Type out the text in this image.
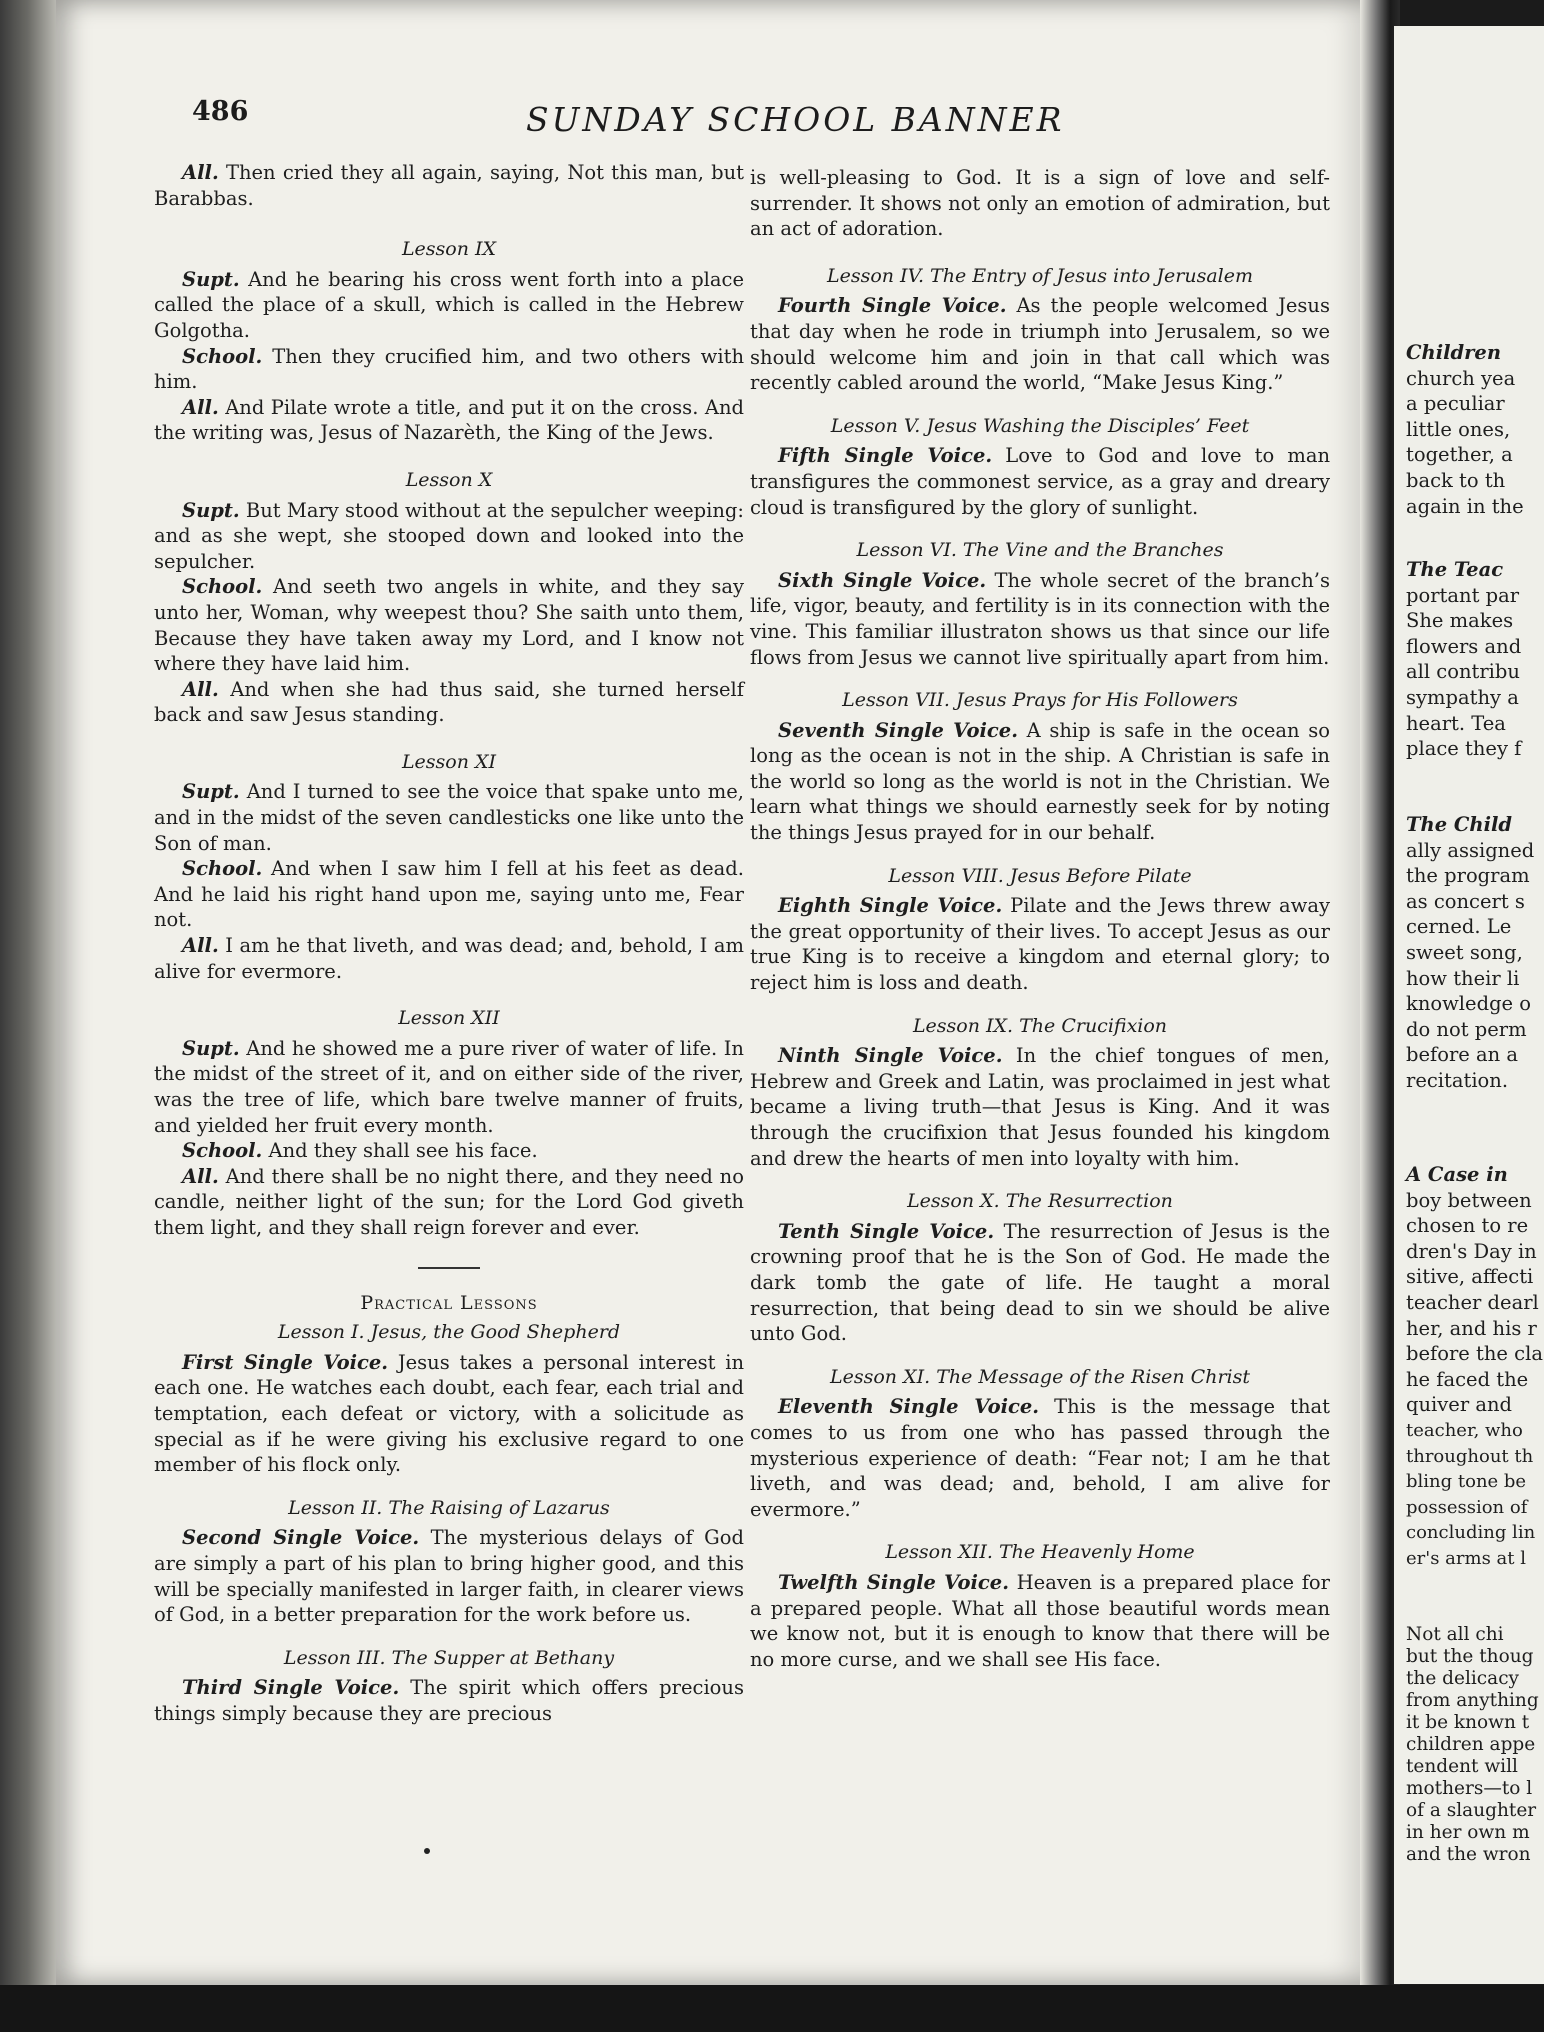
486	SUNDAY SCHOOL BANNER

All. Then cried they all again, saying, Not this man, but Barabbas.

Lesson IX

Supt. And he bearing his cross went forth into a place called the place of a skull, which is called in the Hebrew Golgotha.

School. Then they crucified him, and two others with him.

All. And Pilate wrote a title, and put it on the cross. And the writing was, Jesus of Nazarèth, the King of the Jews.

Lesson X

Supt. But Mary stood without at the sepulcher weeping: and as she wept, she stooped down and looked into the sepulcher.

School. And seeth two angels in white, and they say unto her, Woman, why weepest thou? She saith unto them, Because they have taken away my Lord, and I know not where they have laid him.

All. And when she had thus said, she turned herself back and saw Jesus standing.

Lesson XI

Supt. And I turned to see the voice that spake unto me, and in the midst of the seven candlesticks one like unto the Son of man.

School. And when I saw him I fell at his feet as dead. And he laid his right hand upon me, saying unto me, Fear not.

All. I am he that liveth, and was dead; and, behold, I am alive for evermore.

Lesson XII

Supt. And he showed me a pure river of water of life. In the midst of the street of it, and on either side of the river, was the tree of life, which bare twelve manner of fruits, and yielded her fruit every month.

School. And they shall see his face.

All. And there shall be no night there, and they need no candle, neither light of the sun; for the Lord God giveth them light, and they shall reign forever and ever.

Practical Lessons
Lesson I. Jesus, the Good Shepherd

First Single Voice. Jesus takes a personal interest in each one. He watches each doubt, each fear, each trial and temptation, each defeat or victory, with a solicitude as special as if he were giving his exclusive regard to one member of his flock only.

Lesson II. The Raising of Lazarus

Second Single Voice. The mysterious delays of God are simply a part of his plan to bring higher good, and this will be specially manifested in larger faith, in clearer views of God, in a better preparation for the work before us.

Lesson III. The Supper at Bethany

Third Single Voice. The spirit which offers precious things simply because they are precious

is well-pleasing to God. It is a sign of love and self-surrender. It shows not only an emotion of admiration, but an act of adoration.

Lesson IV. The Entry of Jesus into Jerusalem

Fourth Single Voice. As the people welcomed Jesus that day when he rode in triumph into Jerusalem, so we should welcome him and join in that call which was recently cabled around the world, “Make Jesus King.”

Lesson V. Jesus Washing the Disciples’ Feet

Fifth Single Voice. Love to God and love to man transfigures the commonest service, as a gray and dreary cloud is transfigured by the glory of sunlight.

Lesson VI. The Vine and the Branches

Sixth Single Voice. The whole secret of the branch’s life, vigor, beauty, and fertility is in its connection with the vine. This familiar illustraton shows us that since our life flows from Jesus we cannot live spiritually apart from him.

Lesson VII. Jesus Prays for His Followers

Seventh Single Voice. A ship is safe in the ocean so long as the ocean is not in the ship. A Christian is safe in the world so long as the world is not in the Christian. We learn what things we should earnestly seek for by noting the things Jesus prayed for in our behalf.

Lesson VIII. Jesus Before Pilate

Eighth Single Voice. Pilate and the Jews threw away the great opportunity of their lives. To accept Jesus as our true King is to receive a kingdom and eternal glory; to reject him is loss and death.

Lesson IX. The Crucifixion

Ninth Single Voice. In the chief tongues of men, Hebrew and Greek and Latin, was proclaimed in jest what became a living truth—that Jesus is King. And it was through the crucifixion that Jesus founded his kingdom and drew the hearts of men into loyalty with him.

Lesson X. The Resurrection

Tenth Single Voice. The resurrection of Jesus is the crowning proof that he is the Son of God. He made the dark tomb the gate of life. He taught a moral resurrection, that being dead to sin we should be alive unto God.

Lesson XI. The Message of the Risen Christ

Eleventh Single Voice. This is the message that comes to us from one who has passed through the mysterious experience of death: “Fear not; I am he that liveth, and was dead; and, behold, I am alive for evermore.”

Lesson XII. The Heavenly Home

Twelfth Single Voice. Heaven is a prepared place for a prepared people. What all those beautiful words mean we know not, but it is enough to know that there will be no more curse, and we shall see His face.

Children
church yea
a peculiar
little ones,
together, a
back to th
again in the
The Teac
portant par
She makes
flowers and
all contribu
sympathy a
heart. Tea
place they f
The Child
ally assigned
the program
as concert s
cerned. Le
sweet song,
how their li
knowledge o
do not perm
before an a
recitation.
A Case in
boy between
chosen to re
dren's Day in
sitive, affecti
teacher dearl
her, and his r
before the cla
he faced the
quiver and
teacher, who
throughout th
bling tone be
possession of
concluding lin
er's arms at l
Not all chi
but the thoug
the delicacy
from anything
it be known t
children appe
tendent will
mothers—to l
of a slaughter
in her own m
and the wron
